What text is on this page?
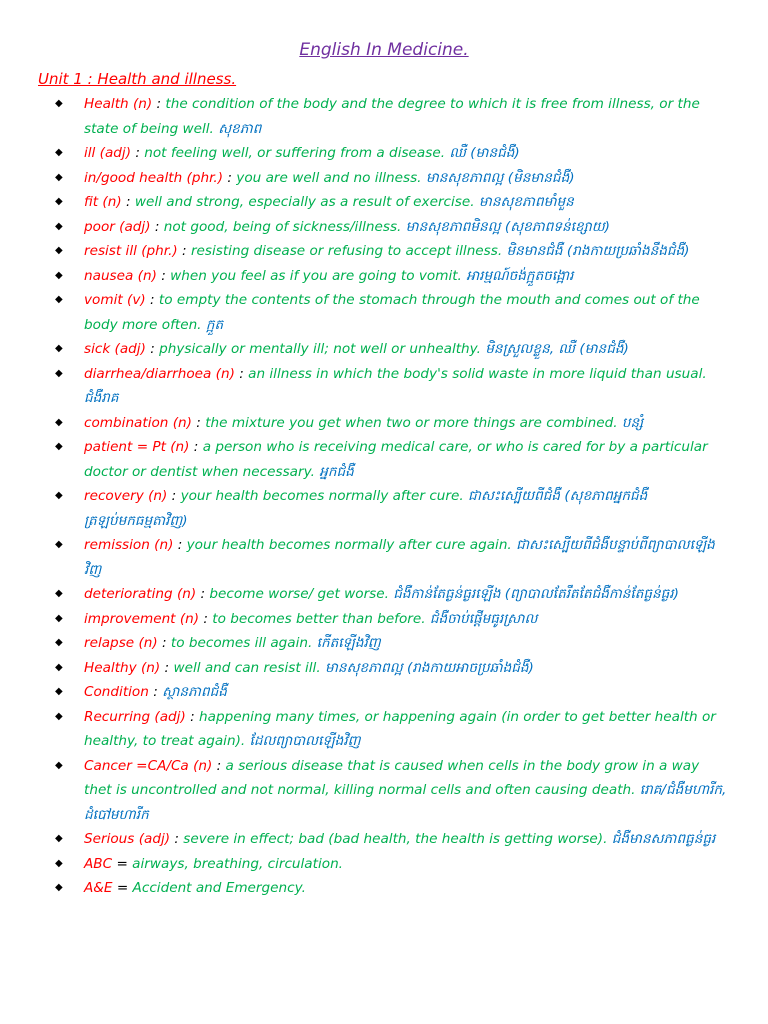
English In Medicine.
Unit 1 : Health and illness.
◆ Health (n) : the condition of the body and the degree to which it is free from illness, or the state of being well. សុខភាព
◆ ill (adj) : not feeling well, or suffering from a disease. ឈឺ (មានជំងឺ)
◆ in/good health (phr.) : you are well and no illness. មានសុខភាពល្អ (មិនមានជំងឺ)
◆ fit (n) : well and strong, especially as a result of exercise. មានសុខភាពមាំមួន
◆ poor (adj) : not good, being of sickness/illness. មានសុខភាពមិនល្អ (សុខភាពទន់ខ្សោយ)
◆ resist ill (phr.) : resisting disease or refusing to accept illness. មិនមានជំងឺ (រាងកាយប្រឆាំងនឹងជំងឺ)
◆ nausea (n) : when you feel as if you are going to vomit. អារម្មណ៍ចង់ក្អួតចង្អោរ
◆ vomit (v) : to empty the contents of the stomach through the mouth and comes out of the body more often. ក្អួត
◆ sick (adj) : physically or mentally ill; not well or unhealthy. មិនស្រួលខ្លួន, ឈឺ (មានជំងឺ)
◆ diarrhea/diarrhoea (n) : an illness in which the body's solid waste in more liquid than usual. ជំងឺរាគ
◆ combination (n) : the mixture you get when two or more things are combined. បន្សំ
◆ patient = Pt (n) : a person who is receiving medical care, or who is cared for by a particular doctor or dentist when necessary. អ្នកជំងឺ
◆ recovery (n) : your health becomes normally after cure. ជាសះស្បើយពីជំងឺ (សុខភាពអ្នកជំងឺត្រឡប់មកធម្មតាវិញ)
◆ remission (n) : your health becomes normally after cure again. ជាសះស្បើយពីជំងឺបន្ទាប់ពីព្យាបាលឡើងវិញ
◆ deteriorating (n) : become worse/ get worse. ជំងឺកាន់តែធ្ងន់ធ្ងរឡើង (ព្យាបាលតែរឹតតែជំងឺកាន់តែធ្ងន់ធ្ងរ)
◆ improvement (n) : to becomes better than before. ជំងឺចាប់ផ្តើមធូរស្រាល
◆ relapse (n) : to becomes ill again. កើតឡើងវិញ
◆ Healthy (n) : well and can resist ill. មានសុខភាពល្អ (រាងកាយអាចប្រឆាំងជំងឺ)
◆ Condition : ស្ថានភាពជំងឺ
◆ Recurring (adj) : happening many times, or happening again (in order to get better health or healthy, to treat again). ដែលព្យាបាលឡើងវិញ
◆ Cancer =CA/Ca (n) : a serious disease that is caused when cells in the body grow in a way thet is uncontrolled and not normal, killing normal cells and often causing death. រោគ/ជំងឺមហារីក, ដំបៅមហារីក
◆ Serious (adj) : severe in effect; bad (bad health, the health is getting worse). ជំងឺមានសភាពធ្ងន់ធ្ងរ
◆ ABC = airways, breathing, circulation.
◆ A&E = Accident and Emergency.
